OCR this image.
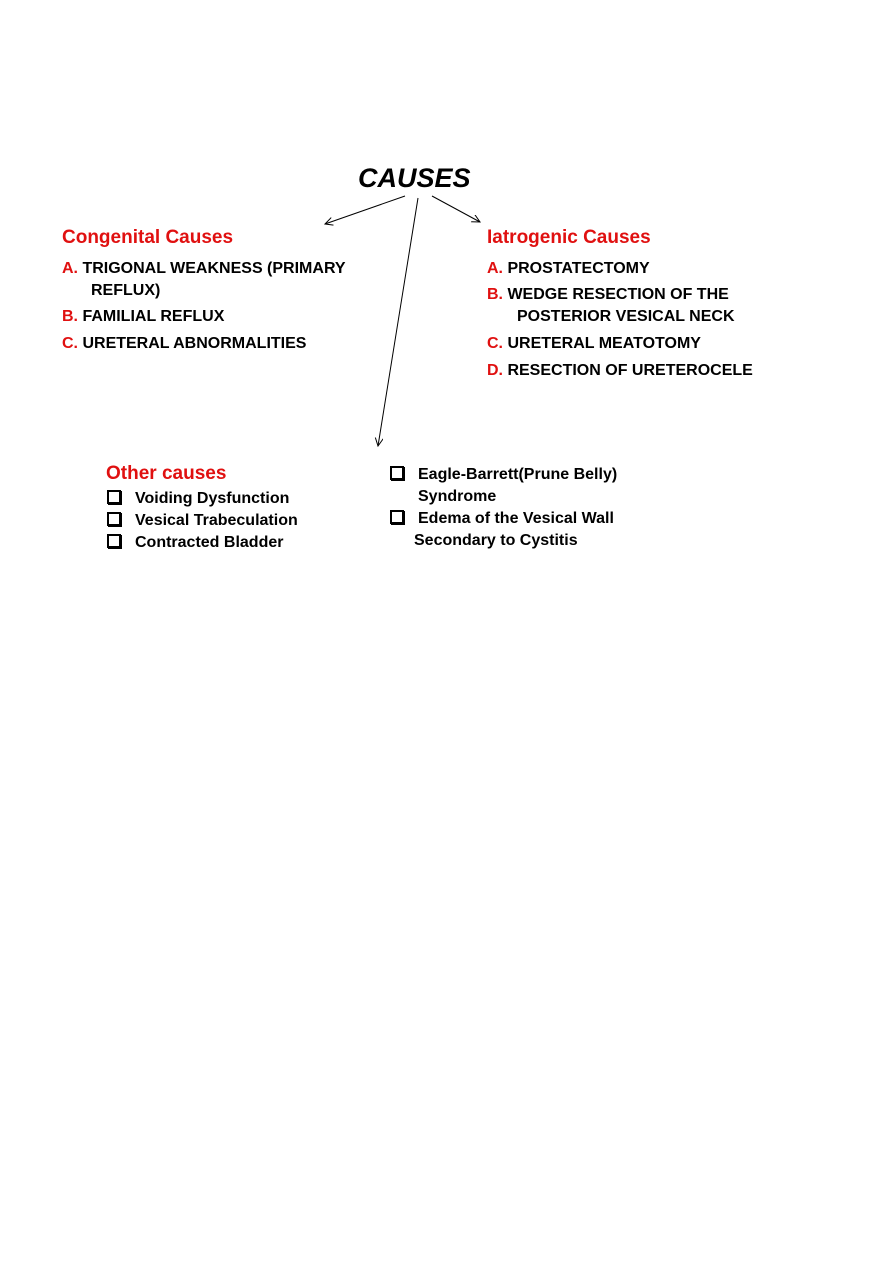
CAUSES
Congenital Causes
A. TRIGONAL WEAKNESS (PRIMARY
REFLUX)
B. FAMILIAL REFLUX
C. URETERAL ABNORMALITIES
Iatrogenic Causes
A. PROSTATECTOMY
B. WEDGE RESECTION OF THE
POSTERIOR VESICAL NECK
C. URETERAL MEATOTOMY
D. RESECTION OF URETEROCELE
Other causes
Voiding Dysfunction
Vesical Trabeculation
Contracted Bladder
Eagle-Barrett(Prune Belly)
Syndrome
Edema of the Vesical Wall
Secondary to Cystitis
